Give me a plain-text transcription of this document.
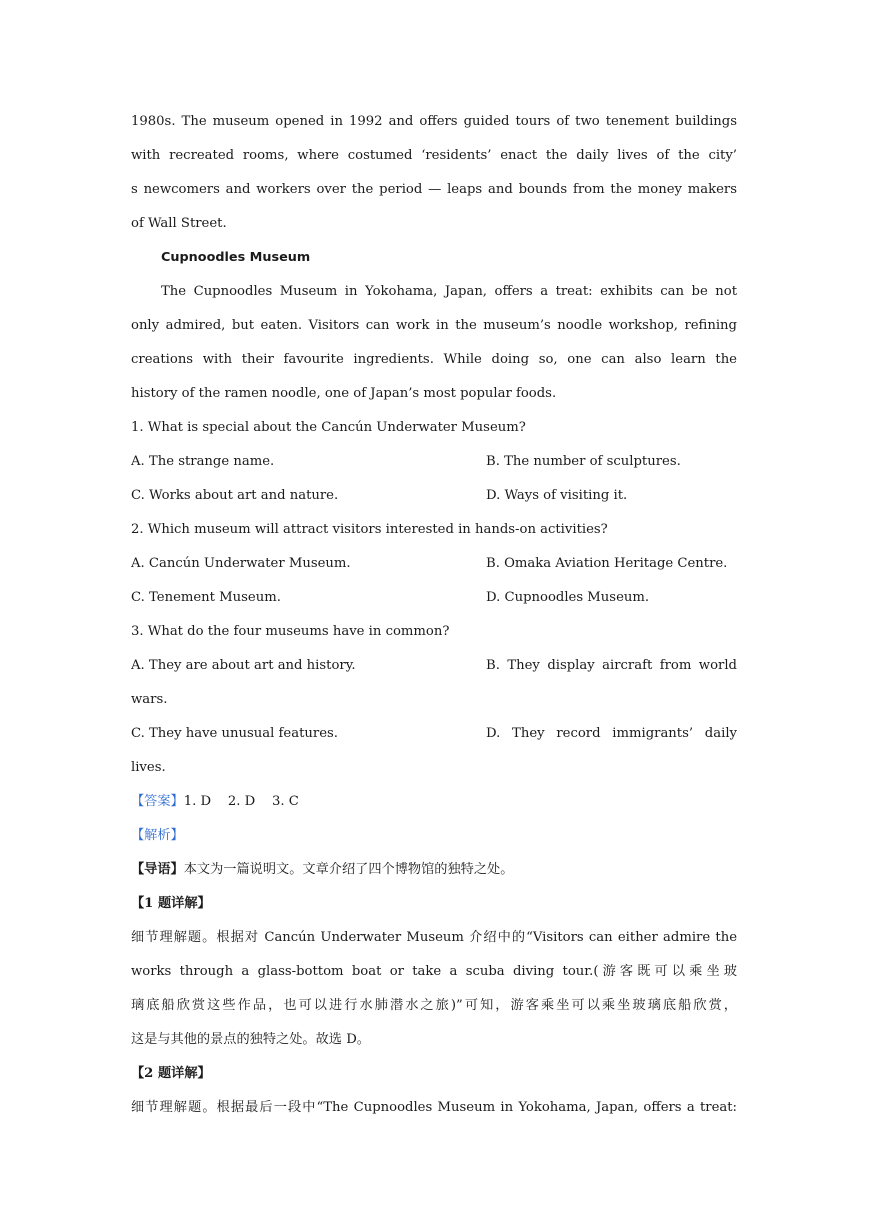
1980s. The museum opened in 1992 and offers guided tours of two tenement buildings
with recreated rooms, where costumed ‘residents’ enact the daily lives of the city’
s newcomers and workers over the period — leaps and bounds from the money makers
of Wall Street.
Cupnoodles Museum
The Cupnoodles Museum in Yokohama, Japan, offers a treat: exhibits can be not
only admired, but eaten. Visitors can work in the museum’s noodle workshop, refining
creations with their favourite ingredients. While doing so, one can also learn the
history of the ramen noodle, one of Japan’s most popular foods.
1. What is special about the Cancún Underwater Museum?
A. The strange name.	B. The number of sculptures.
C. Works about art and nature.	D. Ways of visiting it.
2. Which museum will attract visitors interested in hands-on activities?
A. Cancún Underwater Museum.	B. Omaka Aviation Heritage Centre.
C. Tenement Museum.	D. Cupnoodles Museum.
3. What do the four museums have in common?
A. They are about art and history.	B. They display aircraft from world
wars.
C. They have unusual features.	D. They record immigrants’ daily
lives.
【答案】1. D    2. D    3. C
【解析】
【导语】本文为一篇说明文。文章介绍了四个博物馆的独特之处。
【1 题详解】
细节理解题。根据对 Cancún Underwater Museum 介绍中的“Visitors can either admire the
works through a glass-bottom boat or take a scuba diving tour.(游客既可以乘坐玻
璃底船欣赏这些作品，也可以进行水肺潜水之旅)”可知，游客乘坐可以乘坐玻璃底船欣赏，
这是与其他的景点的独特之处。故选 D。
【2 题详解】
细节理解题。根据最后一段中“The Cupnoodles Museum in Yokohama, Japan, offers a treat:
